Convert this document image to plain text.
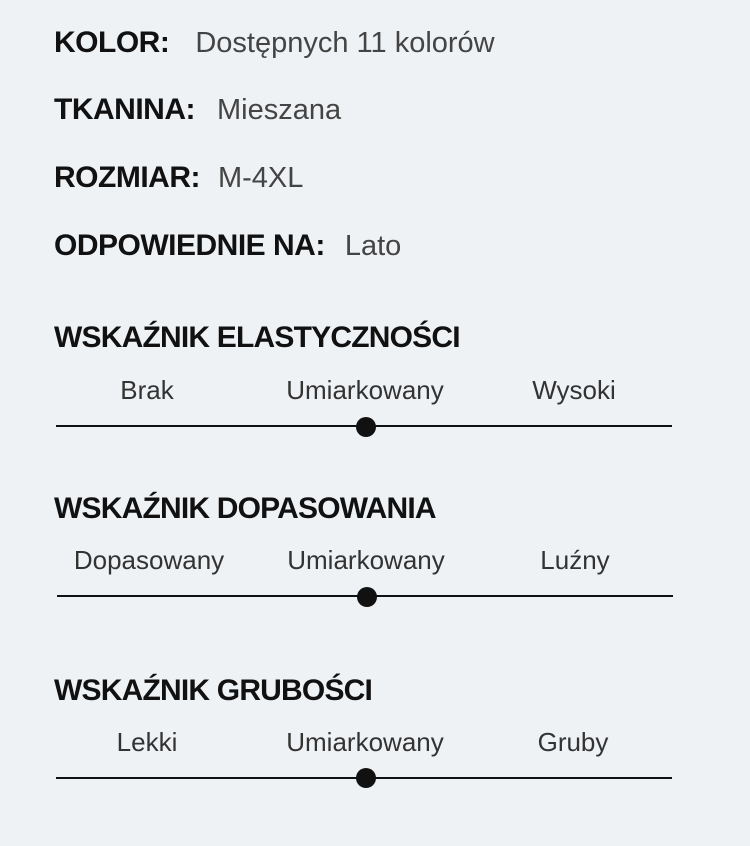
KOLOR: Dostępnych 11 kolorów
TKANINA: Mieszana
ROZMIAR: M-4XL
ODPOWIEDNIE NA: Lato
WSKAŹNIK ELASTYCZNOŚCI
Brak	Umiarkowany	Wysoki
WSKAŹNIK DOPASOWANIA
Dopasowany Umiarkowany	Luźny
WSKAŹNIK GRUBOŚCI
Lekki	Umiarkowany	Gruby
